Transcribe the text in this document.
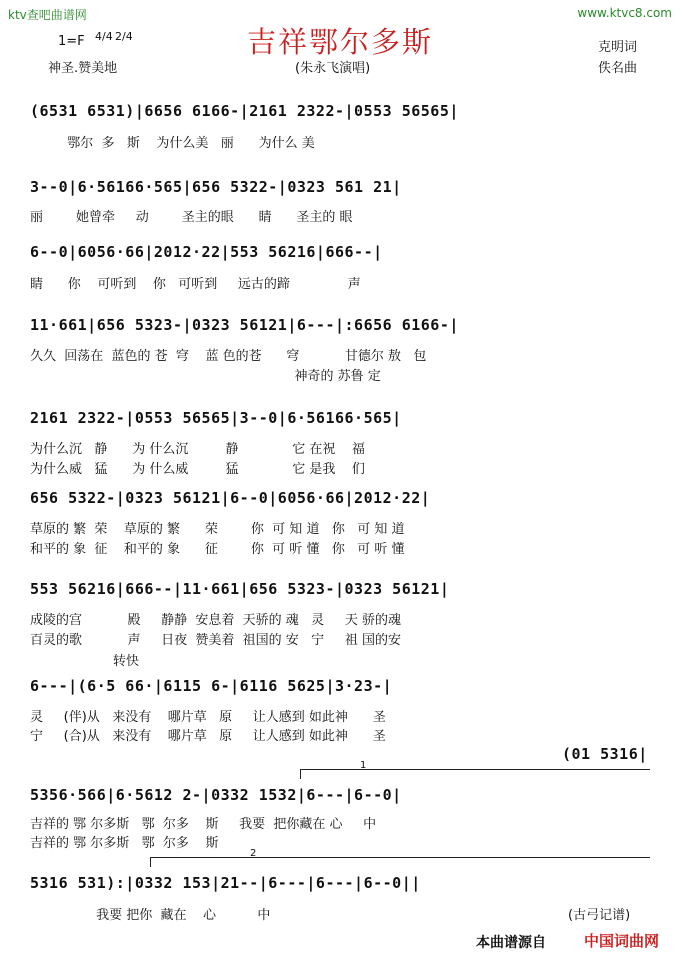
ktv查吧曲谱网	www.ktvc8.com
吉祥鄂尔多斯
1=F 4/4 2/4
克明词
神圣.赞美地	(朱永飞演唱)	佚名曲
(6531 6531)|6656 6166-|2161 2322-|0553 56565|
鄂尔  多   斯    为什么美   丽      为什么 美
3--0|6·56166·565|656 5322-|0323 561 21|
丽        她曾牵     动        圣主的眼      睛      圣主的 眼
6--0|6056·66|2012·22|553 56216|666--|
睛      你    可听到    你   可听到     远古的蹄              声
11·661|656 5323-|0323 56121|6---|:6656 6166-|
久久  回荡在  蓝色的 苍  穹    蓝 色的苍      穹           甘德尔 敖   包
神奇的 苏鲁 定
2161 2322-|0553 56565|3--0|6·56166·565|
为什么沉   静      为 什么沉         静             它 在祝    福
为什么威   猛      为 什么威         猛             它 是我    们
656 5322-|0323 56121|6--0|6056·66|2012·22|
草原的 繁  荣    草原的 繁      荣        你  可 知 道   你   可 知 道
和平的 象  征    和平的 象      征        你  可 听 懂   你   可 听 懂
553 56216|666--|11·661|656 5323-|0323 56121|
成陵的宫           殿     静静  安息着  天骄的 魂   灵     天 骄的魂
百灵的歌           声     日夜  赞美着  祖国的 安   宁     祖 国的安
转快
6---|(6·5 66·|6115 6-|6116 5625|3·23-|
灵     (伴)从   来没有    哪片草   原     让人感到 如此神      圣
宁     (合)从   来没有    哪片草   原     让人感到 如此神      圣
(01 5316|
1
5356·566|6·5612 2-|0332 1532|6---|6--0|
吉祥的 鄂 尔多斯   鄂  尔多    斯     我要  把你藏在 心     中
吉祥的 鄂 尔多斯   鄂  尔多    斯
2
5316 531):|0332 153|21--|6---|6---|6--0||
我要 把你  藏在    心          中	(古弓记谱)
本曲谱源自	中国词曲网
